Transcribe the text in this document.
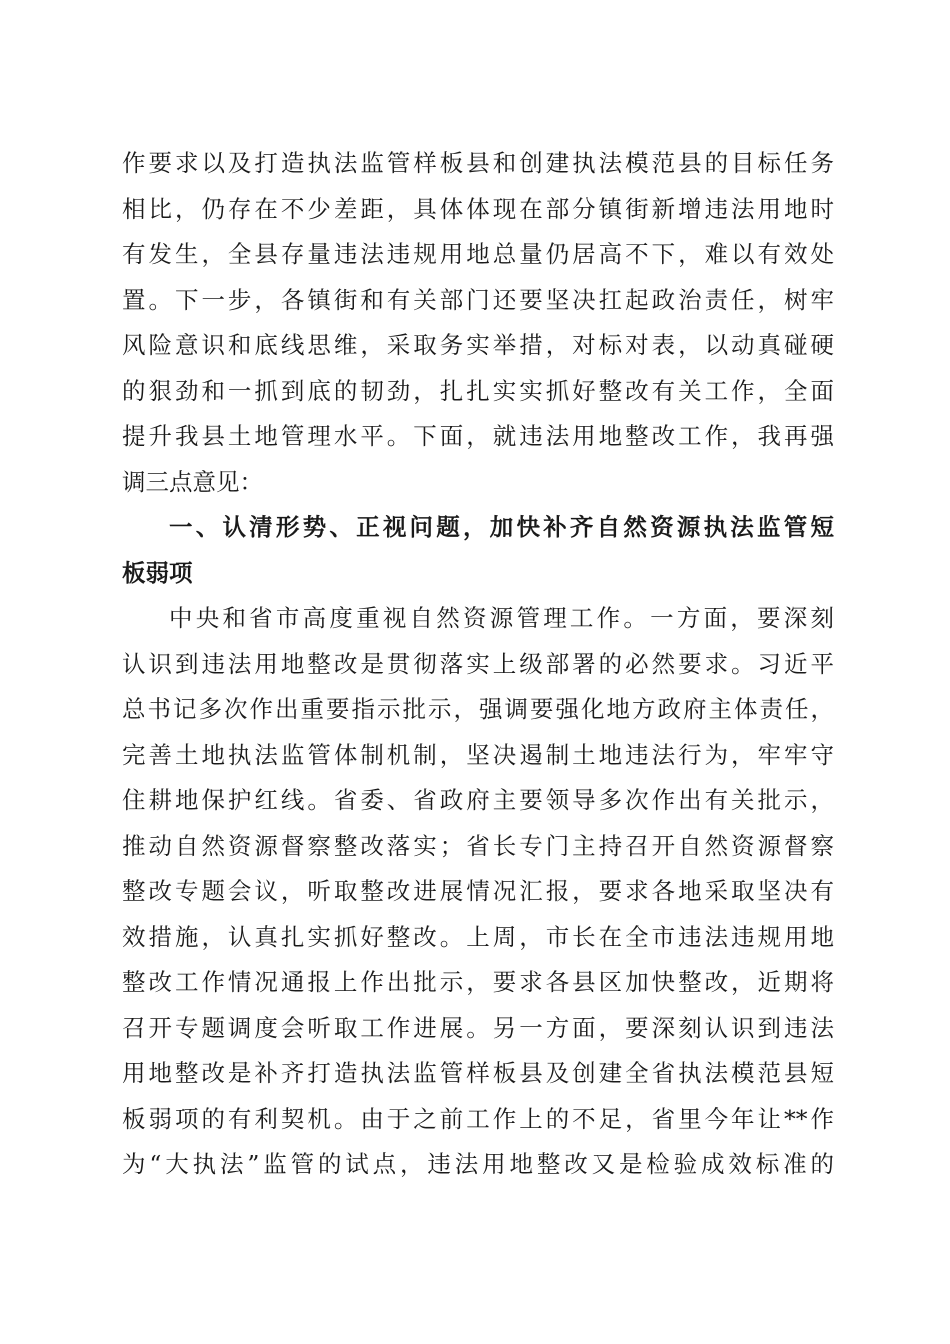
作要求以及打造执法监管样板县和创建执法模范县的目标任务
相比，仍存在不少差距，具体体现在部分镇街新增违法用地时
有发生，全县存量违法违规用地总量仍居高不下，难以有效处
置。下一步，各镇街和有关部门还要坚决扛起政治责任，树牢
风险意识和底线思维，采取务实举措，对标对表，以动真碰硬
的狠劲和一抓到底的韧劲，扎扎实实抓好整改有关工作，全面
提升我县土地管理水平。下面，就违法用地整改工作，我再强
调三点意见：
一、认清形势、正视问题，加快补齐自然资源执法监管短
板弱项
中央和省市高度重视自然资源管理工作。一方面，要深刻
认识到违法用地整改是贯彻落实上级部署的必然要求。习近平
总书记多次作出重要指示批示，强调要强化地方政府主体责任，
完善土地执法监管体制机制，坚决遏制土地违法行为，牢牢守
住耕地保护红线。省委、省政府主要领导多次作出有关批示，
推动自然资源督察整改落实；省长专门主持召开自然资源督察
整改专题会议，听取整改进展情况汇报，要求各地采取坚决有
效措施，认真扎实抓好整改。上周，市长在全市违法违规用地
整改工作情况通报上作出批示，要求各县区加快整改，近期将
召开专题调度会听取工作进展。另一方面，要深刻认识到违法
用地整改是补齐打造执法监管样板县及创建全省执法模范县短
板弱项的有利契机。由于之前工作上的不足，省里今年让**作
为“大执法”监管的试点，违法用地整改又是检验成效标准的
